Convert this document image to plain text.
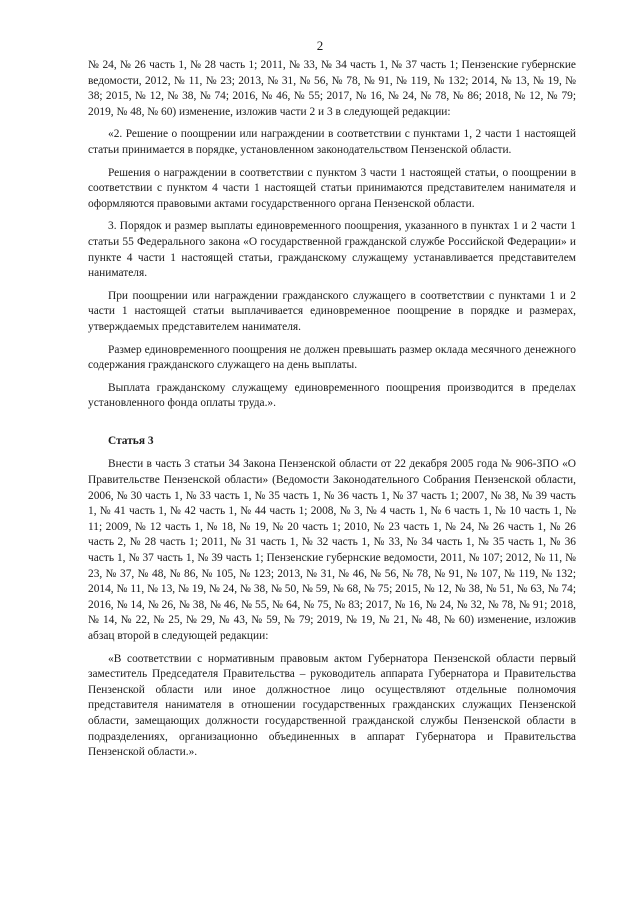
2

№ 24, № 26 часть 1, № 28 часть 1; 2011, № 33, № 34 часть 1, № 37 часть 1; Пензенские губернские ведомости, 2012, № 11, № 23; 2013, № 31, № 56, № 78, № 91, № 119, № 132; 2014, № 13, № 19, № 38; 2015, № 12, № 38, № 74; 2016, № 46, № 55; 2017, № 16, № 24, № 78, № 86; 2018, № 12, № 79; 2019, № 48, № 60) изменение, изложив части 2 и 3 в следующей редакции:

«2. Решение о поощрении или награждении в соответствии с пунктами 1, 2 части 1 настоящей статьи принимается в порядке, установленном законодательством Пензенской области.

Решения о награждении в соответствии с пунктом 3 части 1 настоящей статьи, о поощрении в соответствии с пунктом 4 части 1 настоящей статьи принимаются представителем нанимателя и оформляются правовыми актами государственного органа Пензенской области.

3. Порядок и размер выплаты единовременного поощрения, указанного в пунктах 1 и 2 части 1 статьи 55 Федерального закона «О государственной гражданской службе Российской Федерации» и пункте 4 части 1 настоящей статьи, гражданскому служащему устанавливается представителем нанимателя.

При поощрении или награждении гражданского служащего в соответствии с пунктами 1 и 2 части 1 настоящей статьи выплачивается единовременное поощрение в порядке и размерах, утверждаемых представителем нанимателя.

Размер единовременного поощрения не должен превышать размер оклада месячного денежного содержания гражданского служащего на день выплаты.

Выплата гражданскому служащему единовременного поощрения производится в пределах установленного фонда оплаты труда.».

Статья 3

Внести в часть 3 статьи 34 Закона Пензенской области от 22 декабря 2005 года № 906-ЗПО «О Правительстве Пензенской области» (Ведомости Законодательного Собрания Пензенской области, 2006, № 30 часть 1, № 33 часть 1, № 35 часть 1, № 36 часть 1, № 37 часть 1; 2007, № 38, № 39 часть 1, № 41 часть 1, № 42 часть 1, № 44 часть 1; 2008, № 3, № 4 часть 1, № 6 часть 1, № 10 часть 1, № 11; 2009, № 12 часть 1, № 18, № 19, № 20 часть 1; 2010, № 23 часть 1, № 24, № 26 часть 1, № 26 часть 2, № 28 часть 1; 2011, № 31 часть 1, № 32 часть 1, № 33, № 34 часть 1, № 35 часть 1, № 36 часть 1, № 37 часть 1, № 39 часть 1; Пензенские губернские ведомости, 2011, № 107; 2012, № 11, № 23, № 37, № 48, № 86, № 105, № 123; 2013, № 31, № 46, № 56, № 78, № 91, № 107, № 119, № 132; 2014, № 11, № 13, № 19, № 24, № 38, № 50, № 59, № 68, № 75; 2015, № 12, № 38, № 51, № 63, № 74; 2016, № 14, № 26, № 38, № 46, № 55, № 64, № 75, № 83; 2017, № 16, № 24, № 32, № 78, № 91; 2018, № 14, № 22, № 25, № 29, № 43, № 59, № 79; 2019, № 19, № 21, № 48, № 60) изменение, изложив абзац второй в следующей редакции:

«В соответствии с нормативным правовым актом Губернатора Пензенской области первый заместитель Председателя Правительства – руководитель аппарата Губернатора и Правительства Пензенской области или иное должностное лицо осуществляют отдельные полномочия представителя нанимателя в отношении государственных гражданских служащих Пензенской области, замещающих должности государственной гражданской службы Пензенской области в подразделениях, организационно объединенных в аппарат Губернатора и Правительства Пензенской области.».
